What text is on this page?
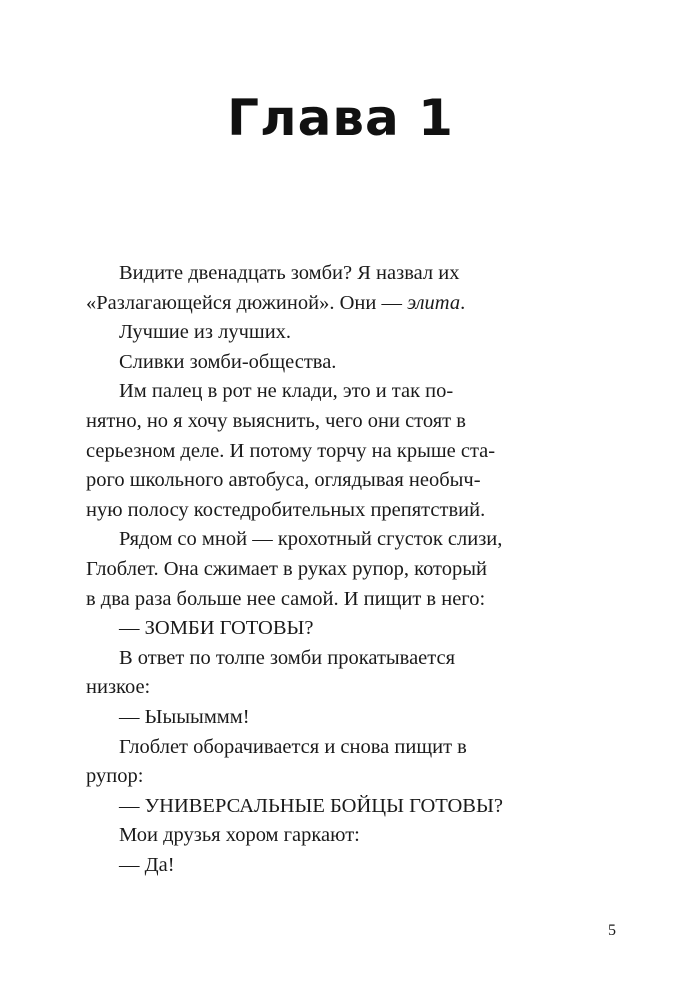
Глава 1
Видите двенадцать зомби? Я назвал их
«Разлагающейся дюжиной». Они — элита.
Лучшие из лучших.
Сливки зомби-общества.
Им палец в рот не клади, это и так по-
нятно, но я хочу выяснить, чего они стоят в
серьезном деле. И потому торчу на крыше ста-
рого школьного автобуса, оглядывая необыч-
ную полосу костедробительных препятствий.
Рядом со мной — крохотный сгусток слизи,
Глоблет. Она сжимает в руках рупор, который
в два раза больше нее самой. И пищит в него:
— ЗОМБИ ГОТОВЫ?
В ответ по толпе зомби прокатывается
низкое:
— Ыыыыммм!
Глоблет оборачивается и снова пищит в
рупор:
— УНИВЕРСАЛЬНЫЕ БОЙЦЫ ГОТОВЫ?
Мои друзья хором гаркают:
— Да!
5
